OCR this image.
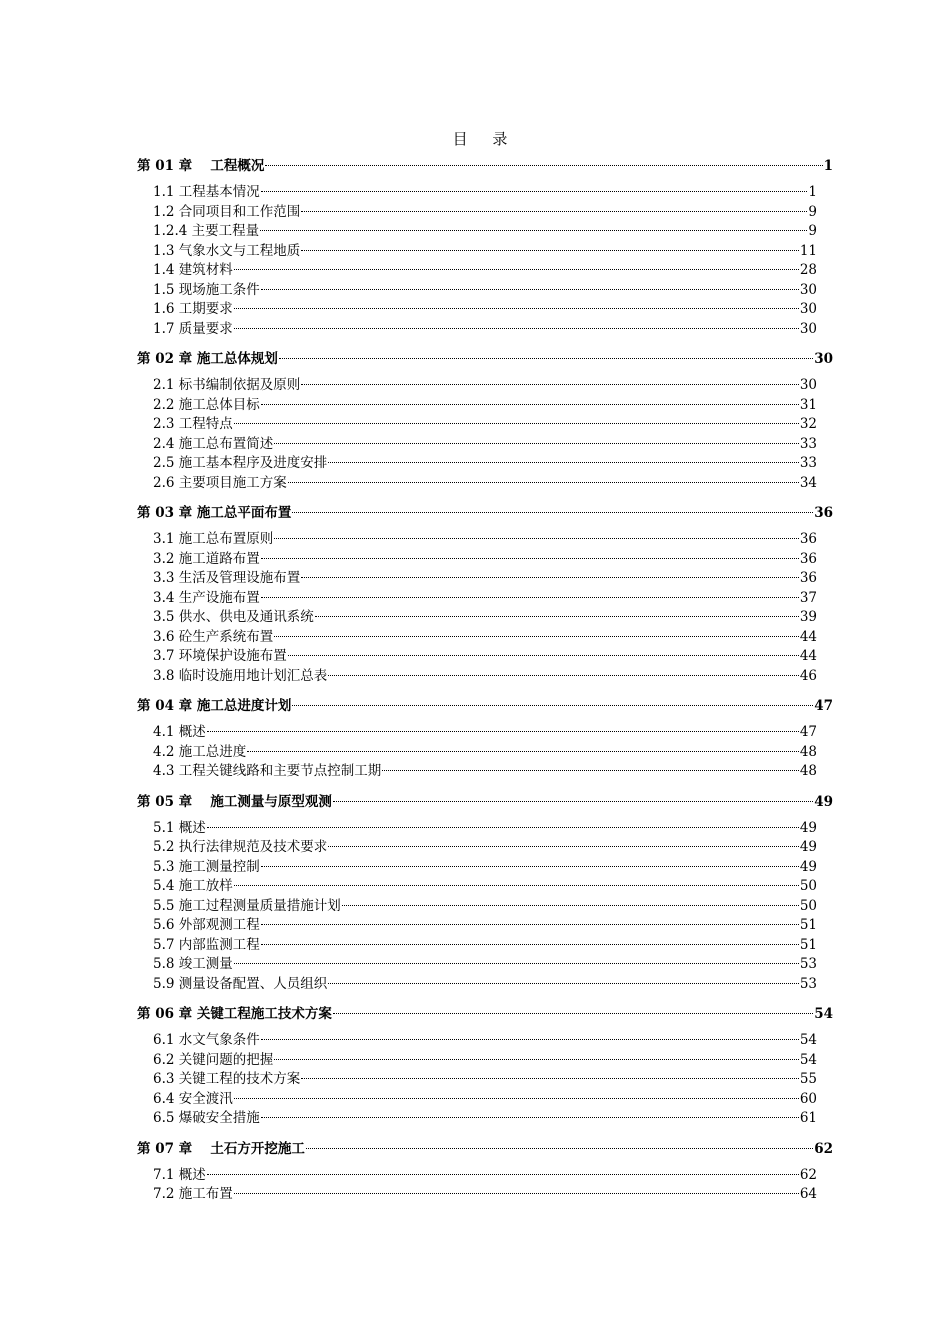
目 录
第 01 章　 工程概况	1
1.1 工程基本情况	1
1.2 合同项目和工作范围	9
1.2.4 主要工程量	9
1.3 气象水文与工程地质	11
1.4 建筑材料	28
1.5 现场施工条件	30
1.6 工期要求	30
1.7 质量要求	30
第 02 章 施工总体规划	30
2.1 标书编制依据及原则	30
2.2 施工总体目标	31
2.3 工程特点	32
2.4 施工总布置简述	33
2.5 施工基本程序及进度安排	33
2.6 主要项目施工方案	34
第 03 章 施工总平面布置	36
3.1 施工总布置原则	36
3.2 施工道路布置	36
3.3 生活及管理设施布置	36
3.4 生产设施布置	37
3.5 供水、供电及通讯系统	39
3.6 砼生产系统布置	44
3.7 环境保护设施布置	44
3.8 临时设施用地计划汇总表	46
第 04 章 施工总进度计划	47
4.1 概述	47
4.2 施工总进度	48
4.3 工程关键线路和主要节点控制工期	48
第 05 章　 施工测量与原型观测	49
5.1 概述	49
5.2 执行法律规范及技术要求	49
5.3 施工测量控制	49
5.4 施工放样	50
5.5 施工过程测量质量措施计划	50
5.6 外部观测工程	51
5.7 内部监测工程	51
5.8 竣工测量	53
5.9 测量设备配置、人员组织	53
第 06 章 关键工程施工技术方案	54
6.1 水文气象条件	54
6.2 关键问题的把握	54
6.3 关键工程的技术方案	55
6.4 安全渡汛	60
6.5 爆破安全措施	61
第 07 章　 土石方开挖施工	62
7.1 概述	62
7.2 施工布置	64
